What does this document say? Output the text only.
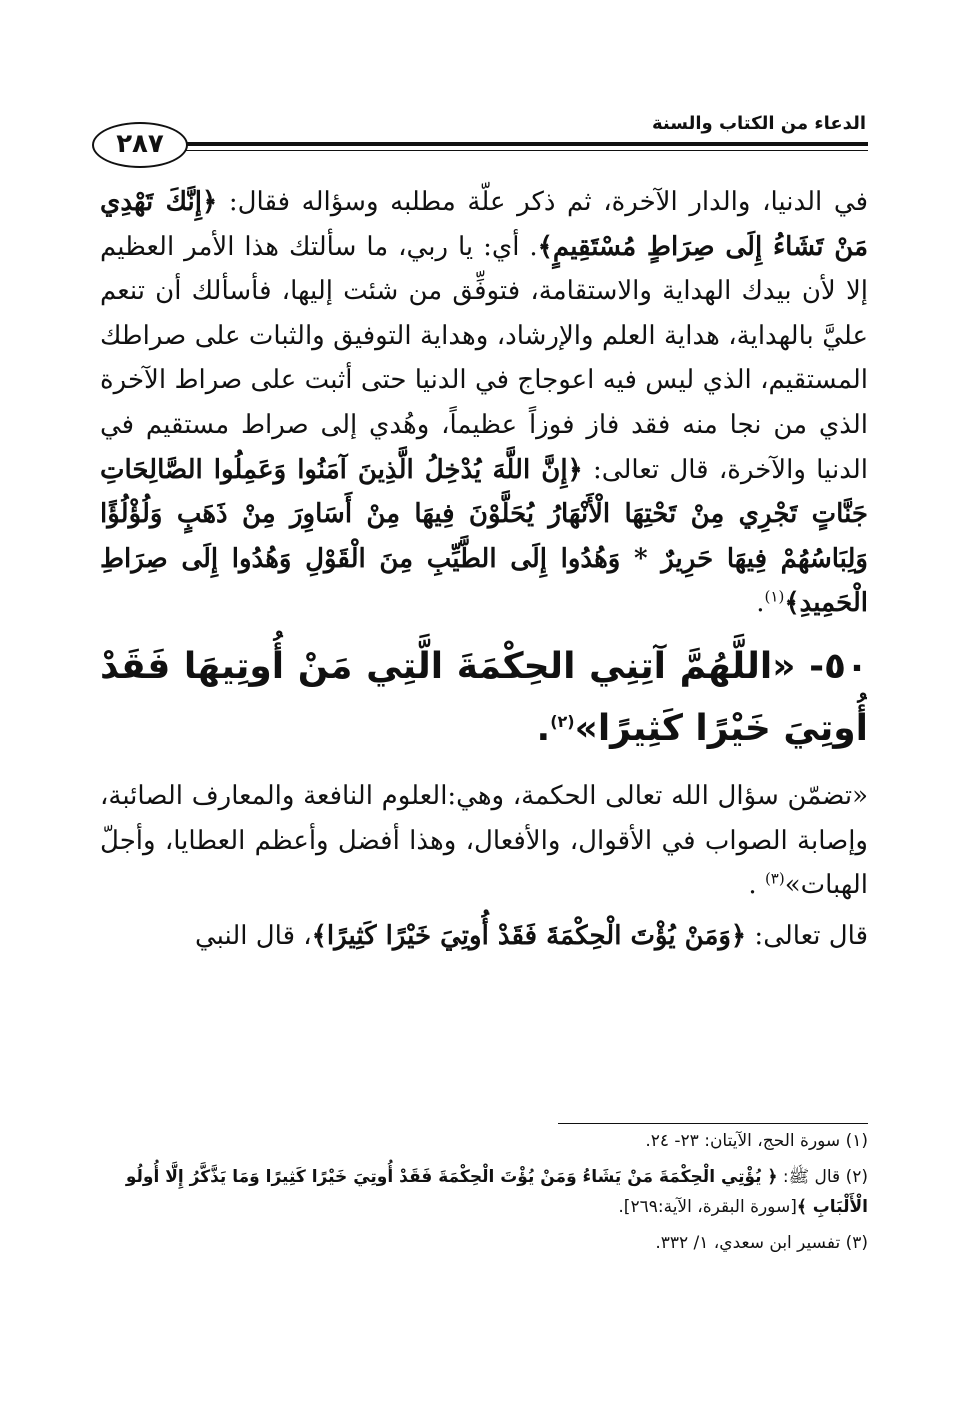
الدعاء من الكتاب والسنة
٢٨٧

في الدنيا، والدار الآخرة، ثم ذكر علّة مطلبه وسؤاله فقال: ﴿إِنَّكَ تَهْدِي مَنْ تَشَاءُ إِلَى صِرَاطٍ مُسْتَقِيمٍ﴾. أي: يا ربي، ما سألتك هذا الأمر العظيم إلا لأن بيدك الهداية والاستقامة، فتوفِّق من شئت إليها، فأسألك أن تنعم عليَّ بالهداية، هداية العلم والإرشاد، وهداية التوفيق والثبات على صراطك المستقيم، الذي ليس فيه اعوجاج في الدنيا حتى أثبت على صراط الآخرة الذي من نجا منه فقد فاز فوزاً عظيماً، وهُدي إلى صراط مستقيم في الدنيا والآخرة، قال تعالى: ﴿إِنَّ اللَّهَ يُدْخِلُ الَّذِينَ آمَنُوا وَعَمِلُوا الصَّالِحَاتِ جَنَّاتٍ تَجْرِي مِنْ تَحْتِهَا الْأَنْهَارُ يُحَلَّوْنَ فِيهَا مِنْ أَسَاوِرَ مِنْ ذَهَبٍ وَلُؤْلُؤًا وَلِبَاسُهُمْ فِيهَا حَرِيرٌ * وَهُدُوا إِلَى الطَّيِّبِ مِنَ الْقَوْلِ وَهُدُوا إِلَى صِرَاطِ الْحَمِيدِ﴾$^{(١)}$.

٥٠- «اللَّهُمَّ آتِنِي الحِكْمَةَ الَّتِي مَنْ أُوتِيهَا فَقَدْ أُوتِيَ خَيْرًا كَثِيرًا»$^{(٢)}$.

«تضمّن سؤال الله تعالى الحكمة، وهي:العلوم النافعة والمعارف الصائبة، وإصابة الصواب في الأقوال، والأفعال، وهذا أفضل وأعظم العطايا، وأجلّ الهبات»$^{(٣)}$ .

قال تعالى: ﴿وَمَنْ يُؤْتَ الْحِكْمَةَ فَقَدْ أُوتِيَ خَيْرًا كَثِيرًا﴾، قال النبي

(١) سورة الحج، الآيتان: ٢٣- ٢٤.

(٢) قال ﷺ: ﴿ يُؤْتِي الْحِكْمَةَ مَنْ يَشَاءُ وَمَنْ يُؤْتَ الْحِكْمَةَ فَقَدْ أُوتِيَ خَيْرًا كَثِيرًا وَمَا يَذَّكَّرُ إِلَّا أُولُو الْأَلْبَابِ ﴾[سورة البقرة، الآية:٢٦٩].

(٣) تفسير ابن سعدي، ١/ ٣٣٢.
